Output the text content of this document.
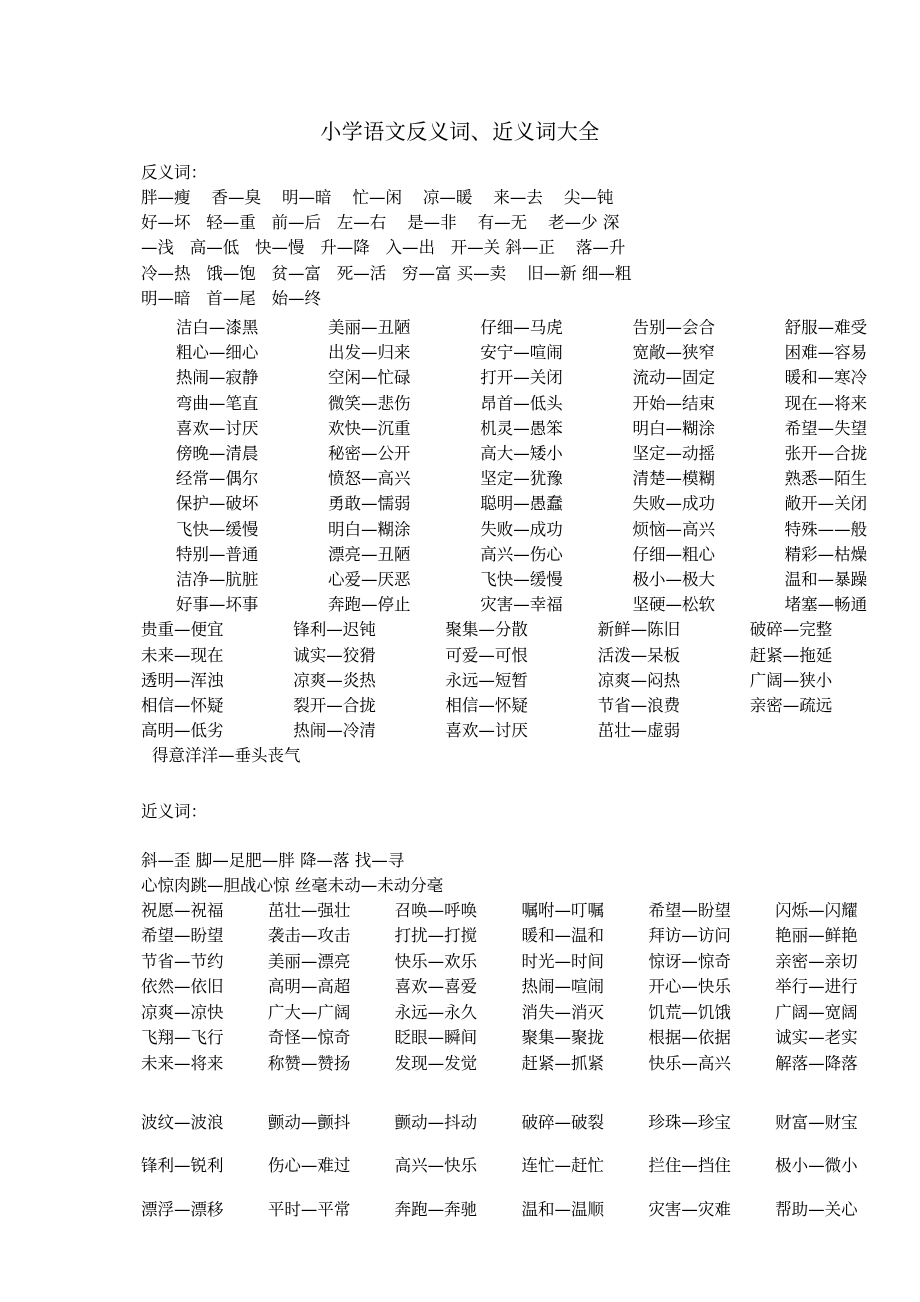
小学语文反义词、近义词大全
反义词：
胖—瘦    香—臭    明—暗    忙—闲    凉—暖    来—去    尖—钝
好—坏   轻—重   前—后   左—右    是—非    有—无    老—少 深
—浅   高—低   快—慢   升—降   入—出   开—关 斜—正    落—升
冷—热   饿—饱   贫—富   死—活   穷—富 买—卖    旧—新 细—粗
明—暗   首—尾   始—终
洁白—漆黑	美丽—丑陋	仔细—马虎	告别—会合	舒服—难受
粗心—细心	出发—归来	安宁—喧闹	宽敞—狭窄	困难—容易
热闹—寂静	空闲—忙碌	打开—关闭	流动—固定	暖和—寒冷
弯曲—笔直	微笑—悲伤	昂首—低头	开始—结束	现在—将来
喜欢—讨厌	欢快—沉重	机灵—愚笨	明白—糊涂	希望—失望
傍晚—清晨	秘密—公开	高大—矮小	坚定—动摇	张开—合拢
经常—偶尔	愤怒—高兴	坚定—犹豫	清楚—模糊	熟悉—陌生
保护—破坏	勇敢—懦弱	聪明—愚蠢	失败—成功	敞开—关闭
飞快—缓慢	明白—糊涂	失败—成功	烦恼—高兴	特殊——般
特别—普通	漂亮—丑陋	高兴—伤心	仔细—粗心	精彩—枯燥
洁净—肮脏	心爱—厌恶	飞快—缓慢	极小—极大	温和—暴躁
好事—坏事	奔跑—停止	灾害—幸福	坚硬—松软	堵塞—畅通
贵重—便宜	锋利—迟钝	聚集—分散	新鲜—陈旧	破碎—完整
未来—现在	诚实—狡猾	可爱—可恨	活泼—呆板	赶紧—拖延
透明—浑浊	凉爽—炎热	永远—短暂	凉爽—闷热	广阔—狭小
相信—怀疑	裂开—合拢	相信—怀疑	节省—浪费	亲密—疏远
高明—低劣	热闹—冷清	喜欢—讨厌	茁壮—虚弱
得意洋洋—垂头丧气
近义词：
斜—歪 脚—足肥—胖 降—落 找—寻
心惊肉跳—胆战心惊 丝毫未动—未动分毫
祝愿—祝福	茁壮—强壮	召唤—呼唤	嘱咐—叮嘱	希望—盼望	闪烁—闪耀
希望—盼望	袭击—攻击	打扰—打搅	暖和—温和	拜访—访问	艳丽—鲜艳
节省—节约	美丽—漂亮	快乐—欢乐	时光—时间	惊讶—惊奇	亲密—亲切
依然—依旧	高明—高超	喜欢—喜爱	热闹—喧闹	开心—快乐	举行—进行
凉爽—凉快	广大—广阔	永远—永久	消失—消灭	饥荒—饥饿	广阔—宽阔
飞翔—飞行	奇怪—惊奇	眨眼—瞬间	聚集—聚拢	根据—依据	诚实—老实
未来—将来	称赞—赞扬	发现—发觉	赶紧—抓紧	快乐—高兴	解落—降落
波纹—波浪	颤动—颤抖	颤动—抖动	破碎—破裂	珍珠—珍宝	财富—财宝
锋利—锐利	伤心—难过	高兴—快乐	连忙—赶忙	拦住—挡住	极小—微小
漂浮—漂移	平时—平常	奔跑—奔驰	温和—温顺	灾害—灾难	帮助—关心
